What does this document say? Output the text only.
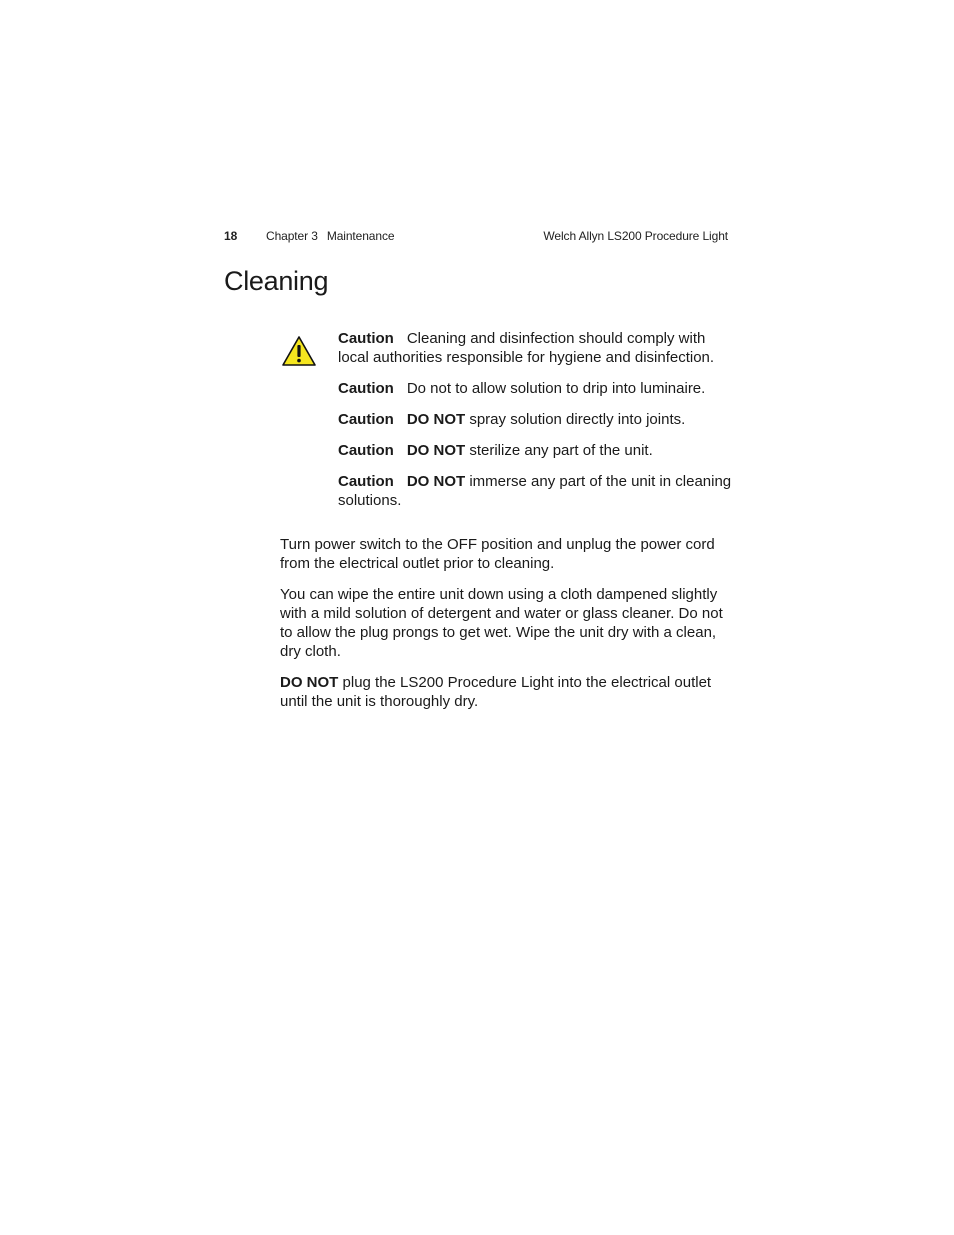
18 Chapter 3 Maintenance	Welch Allyn LS200 Procedure Light
Cleaning

Caution Cleaning and disinfection should comply with local authorities responsible for hygiene and disinfection.

Caution Do not to allow solution to drip into luminaire.

Caution DO NOT spray solution directly into joints.

Caution DO NOT sterilize any part of the unit.

Caution DO NOT immerse any part of the unit in cleaning solutions.

Turn power switch to the OFF position and unplug the power cord from the electrical outlet prior to cleaning.

You can wipe the entire unit down using a cloth dampened slightly with a mild solution of detergent and water or glass cleaner. Do not to allow the plug prongs to get wet. Wipe the unit dry with a clean, dry cloth.

DO NOT plug the LS200 Procedure Light into the electrical outlet until the unit is thoroughly dry.
